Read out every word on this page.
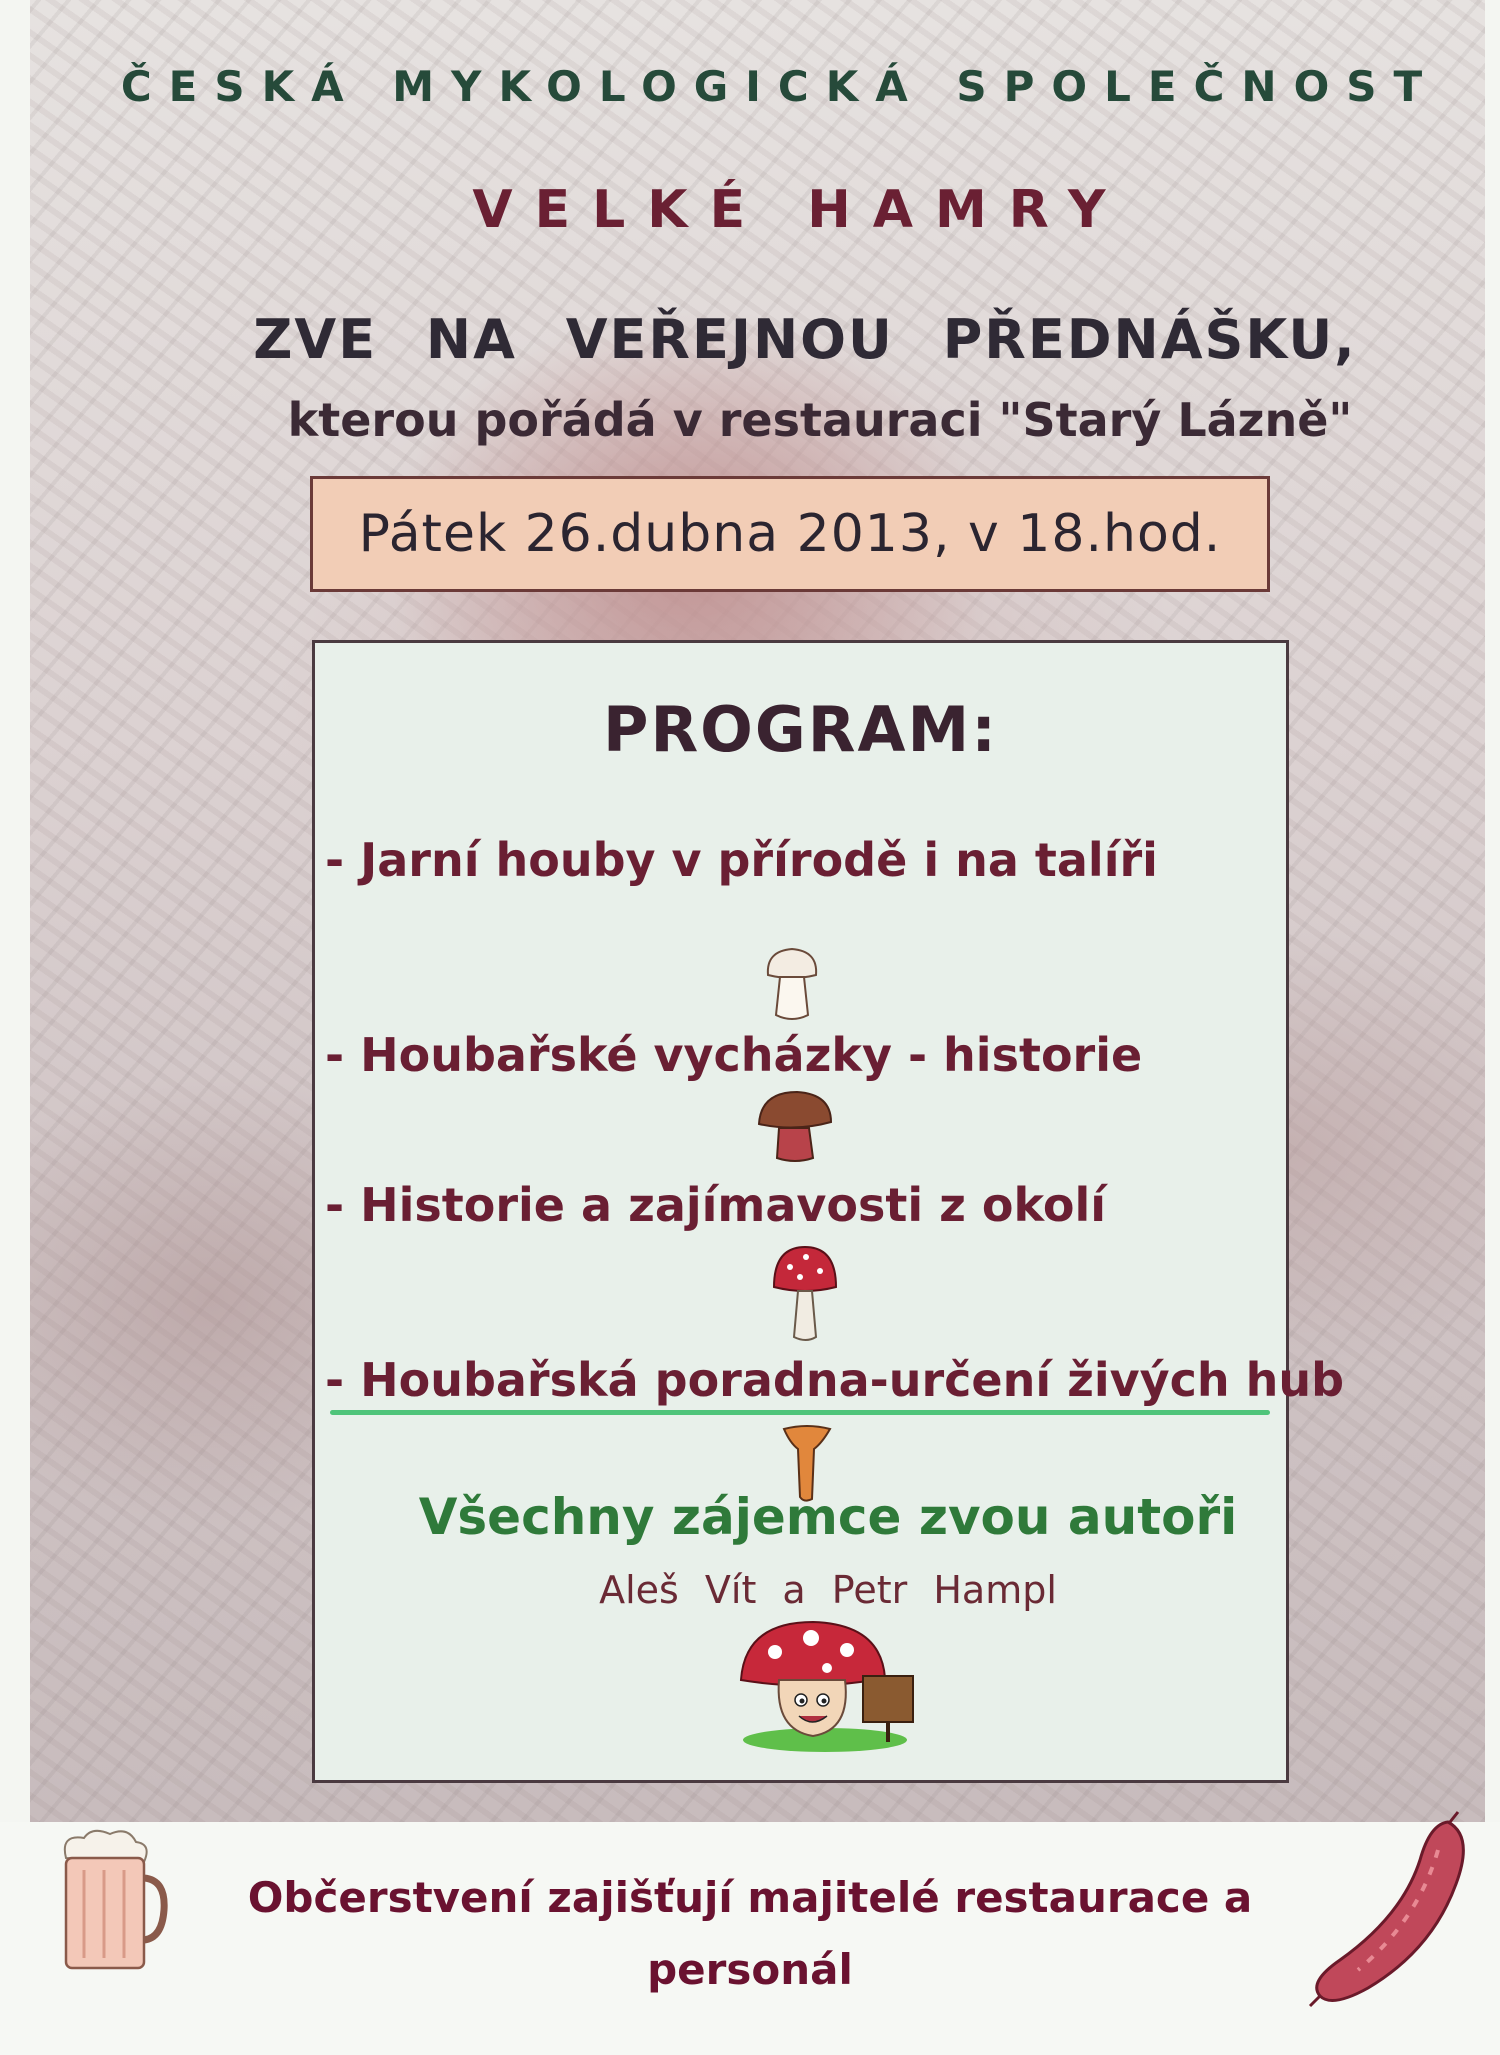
ČESKÁ MYKOLOGICKÁ SPOLEČNOST
VELKÉ HAMRY
ZVE NA VEŘEJNOU PŘEDNÁŠKU,
kterou pořádá v restauraci "Starý Lázně"
Pátek 26.dubna 2013, v 18.hod.
PROGRAM:
- Jarní houby v přírodě i na talíři
- Houbařské vycházky - historie
- Historie a zajímavosti z okolí
- Houbařská poradna-určení živých hub
Všechny zájemce zvou autoři
Aleš Vít a Petr Hampl
Občerstvení zajišťují majitelé restaurace a
personál
